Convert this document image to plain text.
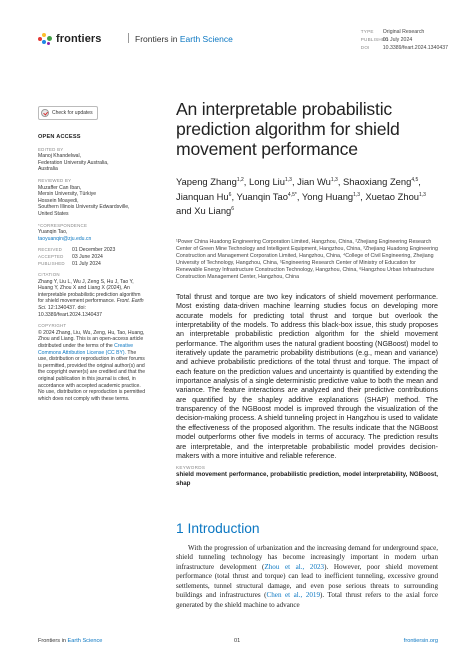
frontiers	Frontiers in Earth Science
TYPE Original Research
PUBLISHED01 July 2024
DOI	10.3389/feart.2024.1340437
Check for updates
OPEN ACCESS
EDITED BY
Manoj Khandelwal,
Federation University Australia,
Australia
REVIEWED BY
Muzaffer Can Iban,
Mersin University, Türkiye
Hossein Moayedi,
Southern Illinois University Edwardsville,
United States
*CORRESPONDENCE
Yuanqin Tao,
taoyuanqin@zju.edu.cn
RECEIVED	01 December 2023
ACCEPTED	03 June 2024
PUBLISHED	01 July 2024
CITATION
Zhang Y, Liu L, Wu J, Zeng S, Hu J, Tao Y, Huang Y, Zhou X and Liang X (2024), An interpretable probabilistic prediction algorithm for shield movement performance. Front. Earth Sci. 12:1340437. doi: 10.3389/feart.2024.1340437
COPYRIGHT
© 2024 Zhang, Liu, Wu, Zeng, Hu, Tao, Huang, Zhou and Liang. This is an open-access article distributed under the terms of the Creative Commons Attribution License (CC BY). The use, distribution or reproduction in other forums is permitted, provided the original author(s) and the copyright owner(s) are credited and that the original publication in this journal is cited, in accordance with accepted academic practice. No use, distribution or reproduction is permitted which does not comply with these terms.
An interpretable probabilistic prediction algorithm for shield movement performance
Yapeng Zhang$^{1,2}$, Long Liu$^{1,3}$, Jian Wu$^{1,3}$, Shaoxiang Zeng$^{4,5}$, Jianquan Hu$^6$, Yuanqin Tao$^{4,5*}$, Yong Huang$^{1,3}$, Xuetao Zhou$^{1,3}$ and Xu Liang$^6$
¹Power China Huadong Engineering Corporation Limited, Hangzhou, China, ²Zhejiang Engineering Research Center of Green Mine Technology and Intelligent Equipment, Hangzhou, China, ³Zhejiang Huadong Engineering Construction and Management Corporation Limited, Hangzhou, China, ⁴College of Civil Engineering, Zhejiang University of Technology, Hangzhou, China, ⁵Engineering Research Center of Ministry of Education for Renewable Energy Infrastructure Construction Technology, Hangzhou, China, ⁶Hangzhou Urban Infrastructure Construction Management Center, Hangzhou, China
Total thrust and torque are two key indicators of shield movement performance. Most existing data-driven machine learning studies focus on developing more accurate models for predicting total thrust and torque but overlook the interpretability of the models. To address this black-box issue, this study proposes an interpretable probabilistic prediction algorithm for the shield movement performance. The algorithm uses the natural gradient boosting (NGBoost) model to iteratively update the parametric probability distributions (e.g., mean and variance) and achieve probabilistic predictions of the total thrust and torque. The impact of each feature on the prediction values and uncertainty is quantified by extending the importance analysis of a single deterministic predictive value to both the mean and variance. The feature interactions are analyzed and their predictive contributions are quantified by the shapley additive explanations (SHAP) method. The transparency of the NGBoost model is improved through the visualization of the decision-making process. A shield tunneling project in Hangzhou is used to validate the effectiveness of the proposed algorithm. The results indicate that the NGBoost model outperforms other five models in terms of accuracy. The prediction results are interpretable, and the interpretable probabilistic model provides decision-makers with a more intuitive and reliable reference.
KEYWORDS
shield movement performance, probabilistic prediction, model interpretability, NGBoost, shap
1 Introduction

With the progression of urbanization and the increasing demand for underground space, shield tunneling technology has become increasingly important in modern urban infrastructure development (Zhou et al., 2023). However, poor shield movement performance (total thrust and torque) can lead to inefficient tunneling, excessive ground settlements, tunnel structural damage, and even pose serious threats to surrounding buildings and infrastructures (Chen et al., 2019). Total thrust refers to the axial force generated by the shield machine to advance

Frontiers in Earth Science	01	frontiersin.org
